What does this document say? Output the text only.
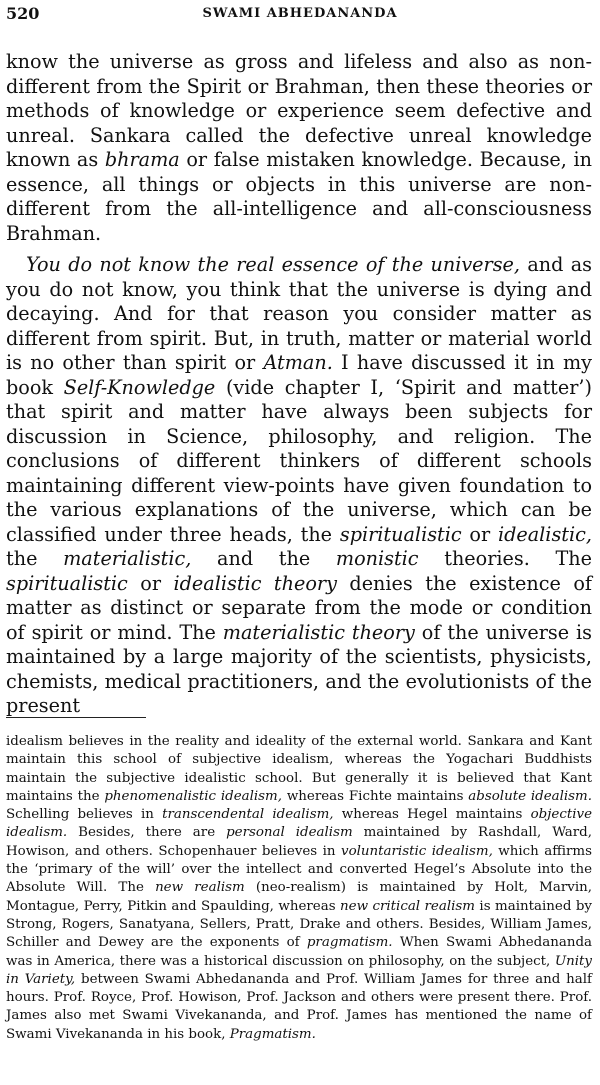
520	SWAMI ABHEDANANDA

know the universe as gross and lifeless and also as non-different from the Spirit or Brahman, then these theories or methods of knowledge or experience seem defective and unreal. Sankara called the defective unreal knowledge known as bhrama or false mistaken knowledge. Because, in essence, all things or objects in this universe are non-different from the all-intelligence and all-consciousness Brahman.

You do not know the real essence of the universe, and as you do not know, you think that the universe is dying and decaying. And for that reason you consider matter as different from spirit. But, in truth, matter or material world is no other than spirit or Atman. I have discussed it in my book Self-Knowledge (vide chapter I, ‘Spirit and matter’) that spirit and matter have always been subjects for discussion in Science, philosophy, and religion. The conclusions of different thinkers of different schools maintaining different view-points have given foundation to the various explanations of the universe, which can be classified under three heads, the spiritualistic or idealistic, the materialistic, and the monistic theories. The spiritualistic or idealistic theory denies the existence of matter as distinct or separate from the mode or condition of spirit or mind. The materialistic theory of the universe is maintained by a large majority of the scientists, physicists, chemists, medical practitioners, and the evolutionists of the present

idealism believes in the reality and ideality of the external world. Sankara and Kant maintain this school of subjective idealism, whereas the Yogachari Buddhists maintain the subjective idealistic school. But generally it is believed that Kant maintains the phenomenalistic idealism, whereas Fichte maintains absolute idealism. Schelling believes in transcendental idealism, whereas Hegel maintains objective idealism. Besides, there are personal idealism maintained by Rashdall, Ward, Howison, and others. Schopenhauer believes in voluntaristic idealism, which affirms the ‘primary of the will’ over the intellect and converted Hegel’s Absolute into the Absolute Will. The new realism (neo-realism) is maintained by Holt, Marvin, Montague, Perry, Pitkin and Spaulding, whereas new critical realism is maintained by Strong, Rogers, Sanatyana, Sellers, Pratt, Drake and others. Besides, William James, Schiller and Dewey are the exponents of pragmatism. When Swami Abhedananda was in America, there was a historical discussion on philosophy, on the subject, Unity in Variety, between Swami Abhedananda and Prof. William James for three and half hours. Prof. Royce, Prof. Howison, Prof. Jackson and others were present there. Prof. James also met Swami Vivekananda, and Prof. James has mentioned the name of Swami Vivekananda in his book, Pragmatism.
